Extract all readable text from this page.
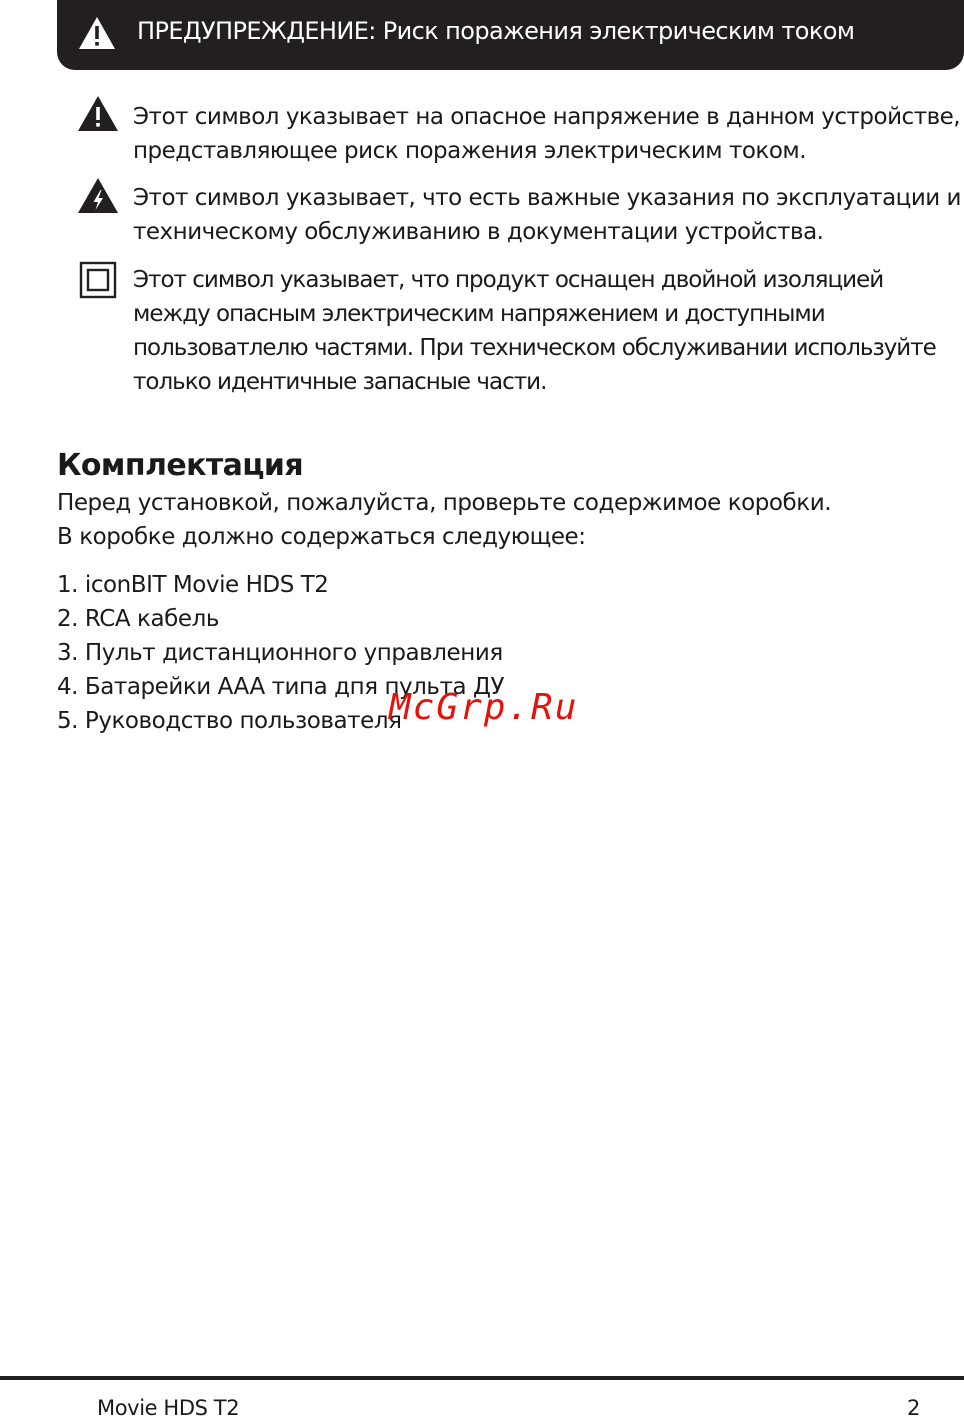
ПРЕДУПРЕЖДЕНИЕ: Риск поражения электрическим током

Этот символ указывает на опасное напряжение в данном устройстве, представляющее риск поражения электрическим током.

Этот символ указывает, что есть важные указания по эксплуатации и техническому обслуживанию в документации устройства.

Этот символ указывает, что продукт оснащен двойной изоляцией между опасным электрическим напряжением и доступными пользоватлелю частями. При техническом обслуживании используйте только идентичные запасные части.

Комплектация
Перед установкой, пожалуйста, проверьте содержимое коробки.
В коробке должно содержаться следующее:
1. iconBIT Movie HDS T2
2. RCA кабель
3. Пульт дистанционного управления
4. Батарейки AAA типа дпя пульта ДУ
5. Руководство пользователя
McGrp.Ru
Movie HDS T2	2
